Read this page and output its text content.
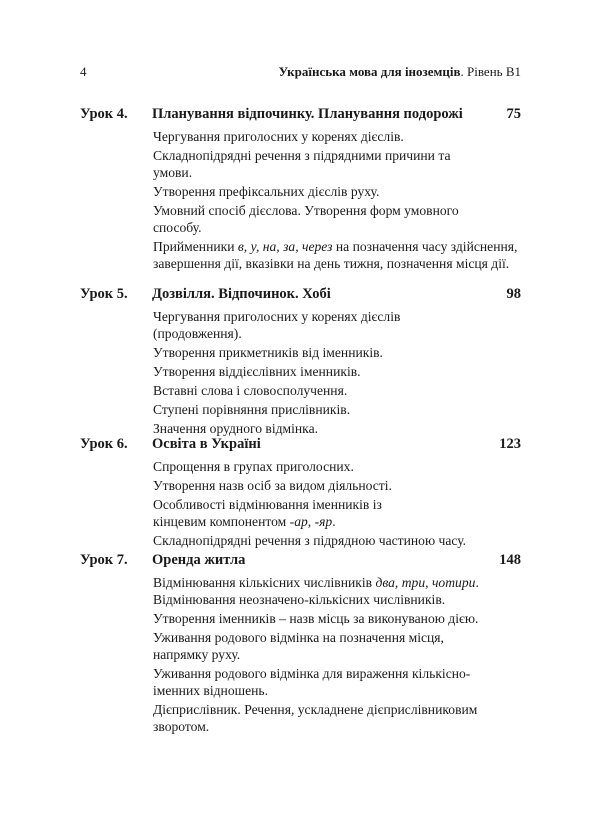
4	Українська мова для іноземців. Рівень В1
Урок 4. Планування відпочинку. Планування подорожі	75
Чергування приголосних у коренях дієслів.
Складнопідрядні речення з підрядними причини та умови.
Утворення префіксальних дієслів руху.
Умовний спосіб дієслова. Утворення форм умовного способу.
Прийменники в, у, на, за, через на позначення часу здійснення, завершення дії, вказівки на день тижня, позначення місця дії.
Урок 5. Дозвілля. Відпочинок. Хобі	98
Чергування приголосних у коренях дієслів (продовження).
Утворення прикметників від іменників.
Утворення віддієслівних іменників.
Вставні слова і словосполучення.
Ступені порівняння прислівників.
Значення орудного відмінка.
Урок 6. Освіта в Україні	123
Спрощення в групах приголосних.
Утворення назв осіб за видом діяльності.
Особливості відмінювання іменників із кінцевим компонентом -ар, -яр.
Складнопідрядні речення з підрядною частиною часу.
Урок 7. Оренда житла	148
Відмінювання кількісних числівників два, три, чотири.
Відмінювання неозначено-кількісних числівників.
Утворення іменників – назв місць за виконуваною дією.
Уживання родового відмінка на позначення місця, напрямку руху.
Уживання родового відмінка для вираження кількісно-іменних відношень.
Дієприслівник. Речення, ускладнене дієприслівниковим зворотом.
